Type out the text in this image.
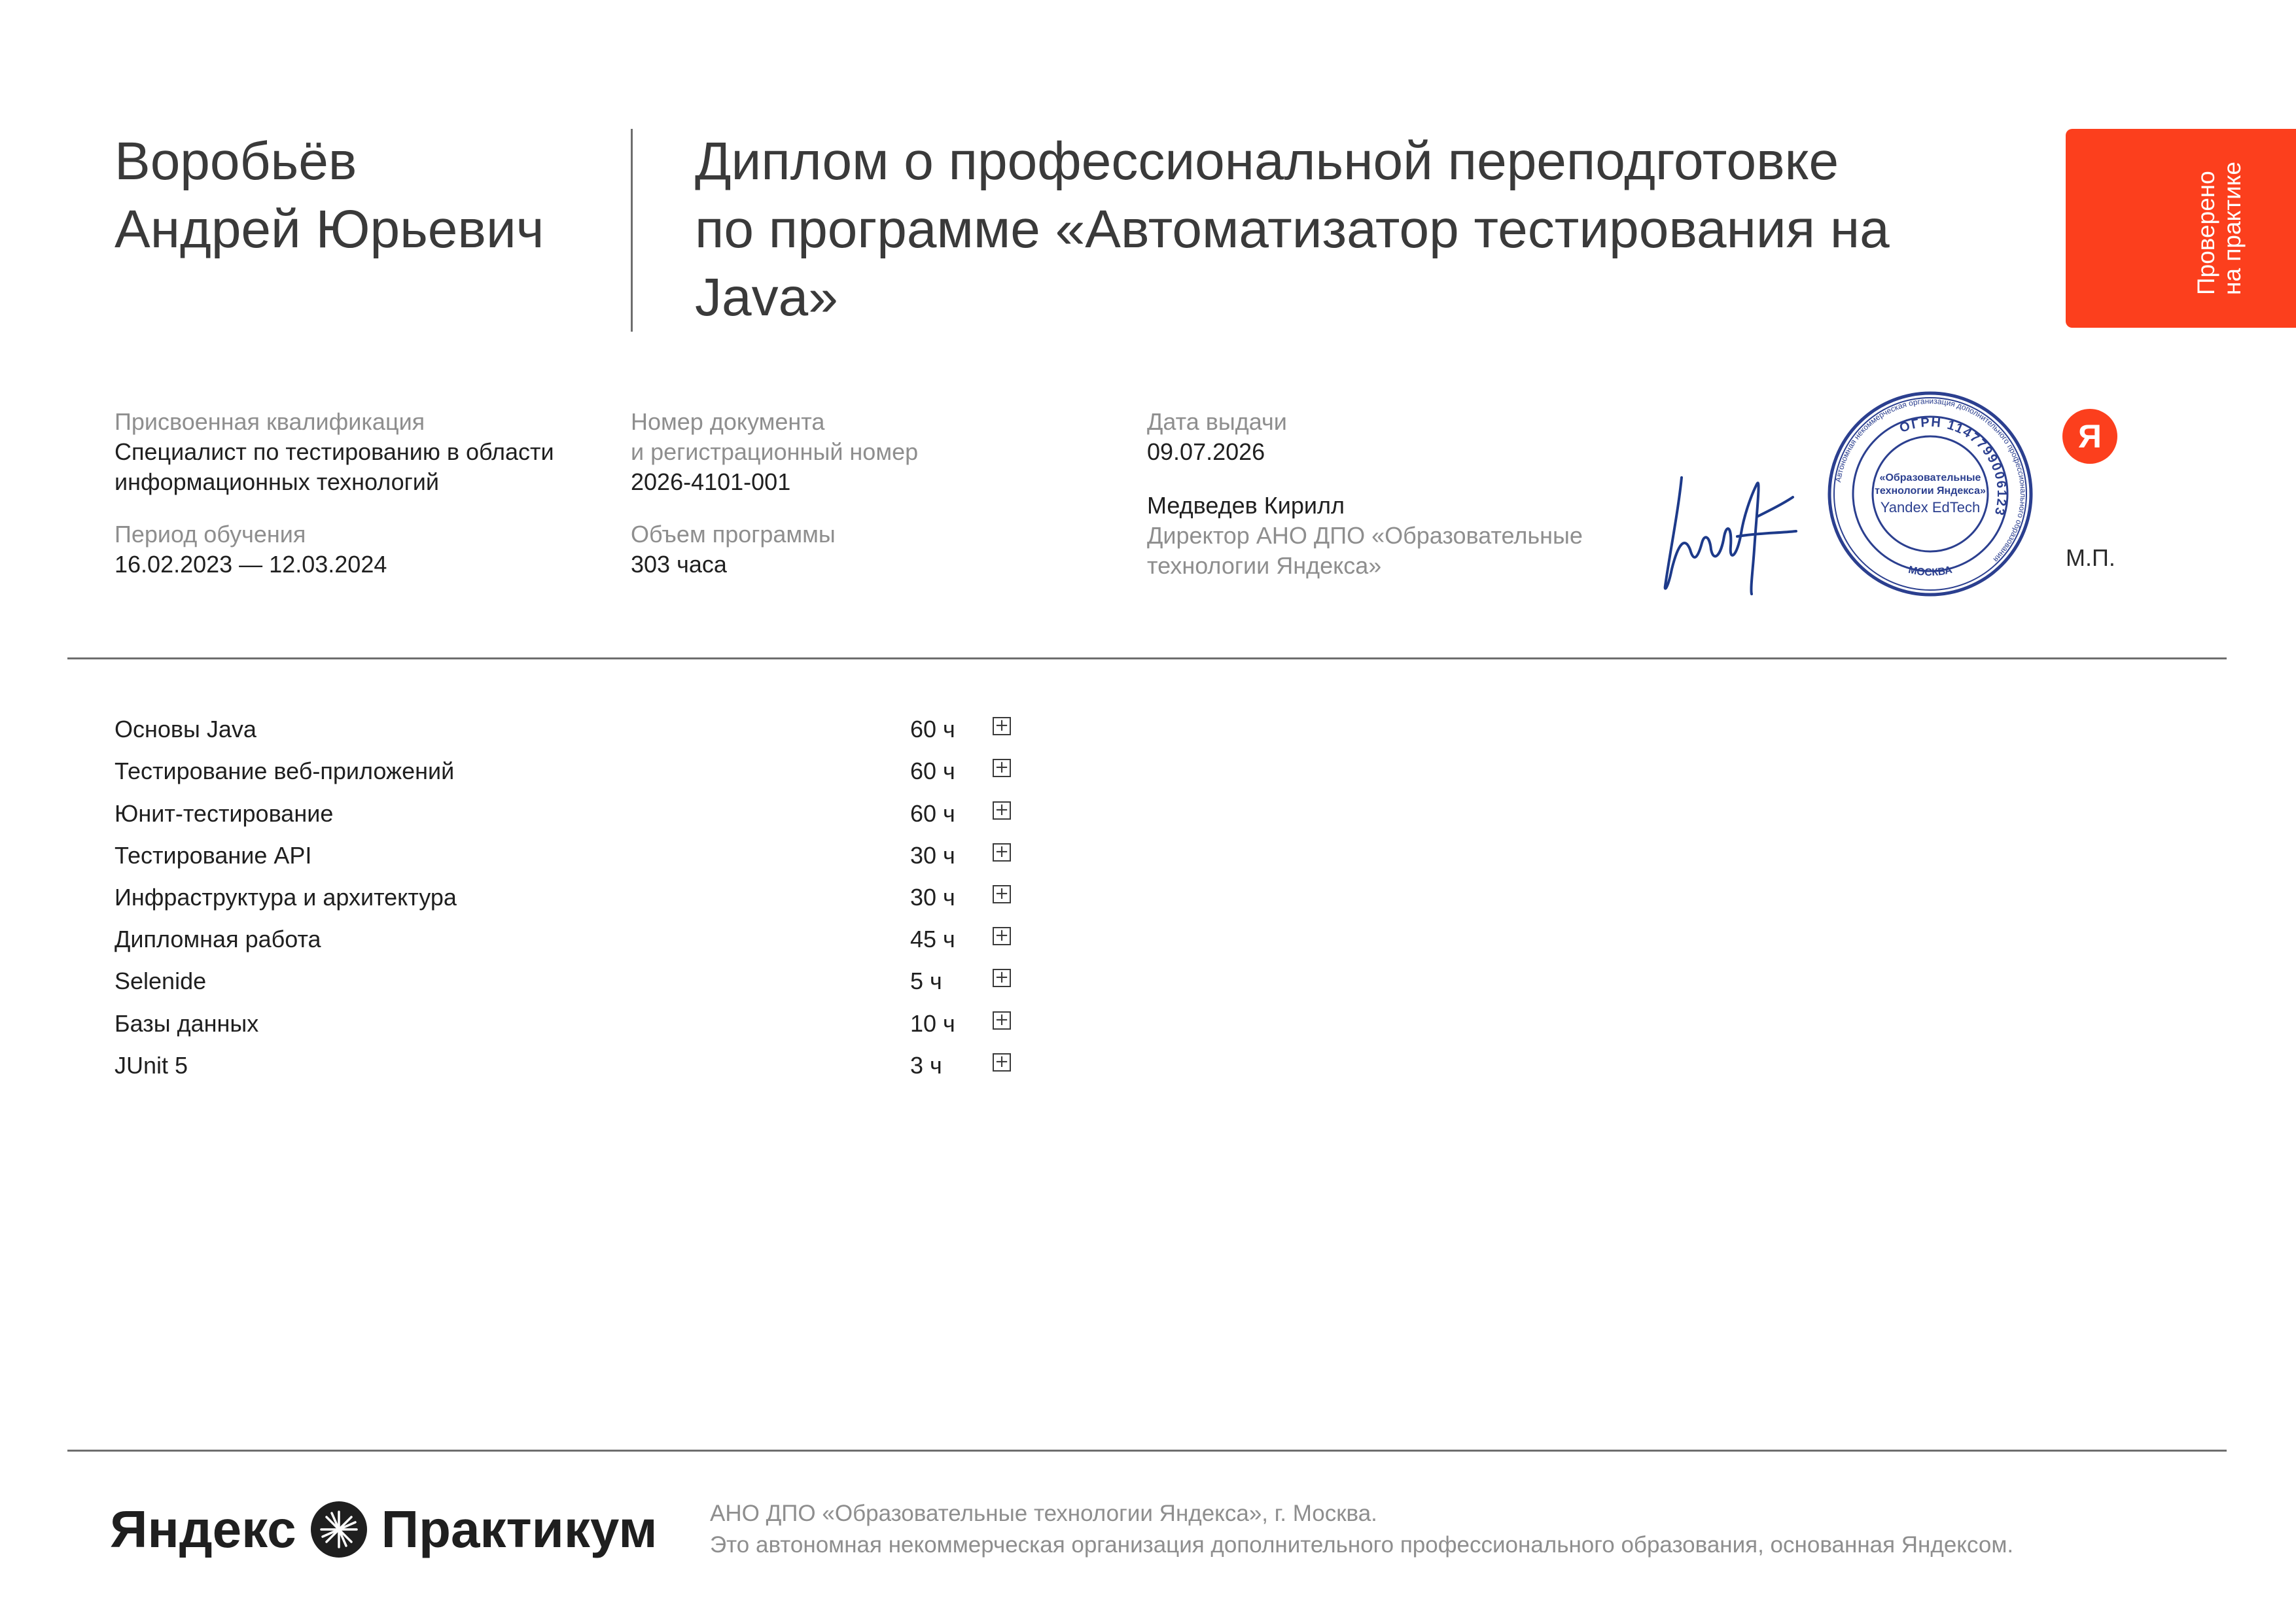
Воробьёв
Андрей Юрьевич
Диплом о профессиональной переподготовке
по программе «Автоматизатор тестирования на
Java»
Проверено на практике
Присвоенная квалификация
Специалист по тестированию в области
информационных технологий
Период обучения
16.02.2023 — 12.03.2024
Номер документа
и регистрационный номер
2026-4101-001
Объем программы
303 часа
Дата выдачи
09.07.2026
Медведев Кирилл
Директор АНО ДПО «Образовательные
технологии Яндекса»
Автономная некоммерческая организация дополнительного профессионального образования
ОГРН 1147799006123
МОСКВА
«Образовательные
технологии Яндекса»
Yandex EdTech
Я
М.П.
Основы Java	60 ч +
Тестирование веб-приложений	60 ч +
Юнит-тестирование	60 ч +
Тестирование API	30 ч +
Инфраструктура и архитектура	30 ч +
Дипломная работа	45 ч +
Selenide	5 ч	+
Базы данных	10 ч +
JUnit 5	3 ч	+
Яндекс Практикум АНО ДПО «Образовательные технологии Яндекса», г. Москва.
Это автономная некоммерческая организация дополнительного профессионального образования, основанная Яндексом.
